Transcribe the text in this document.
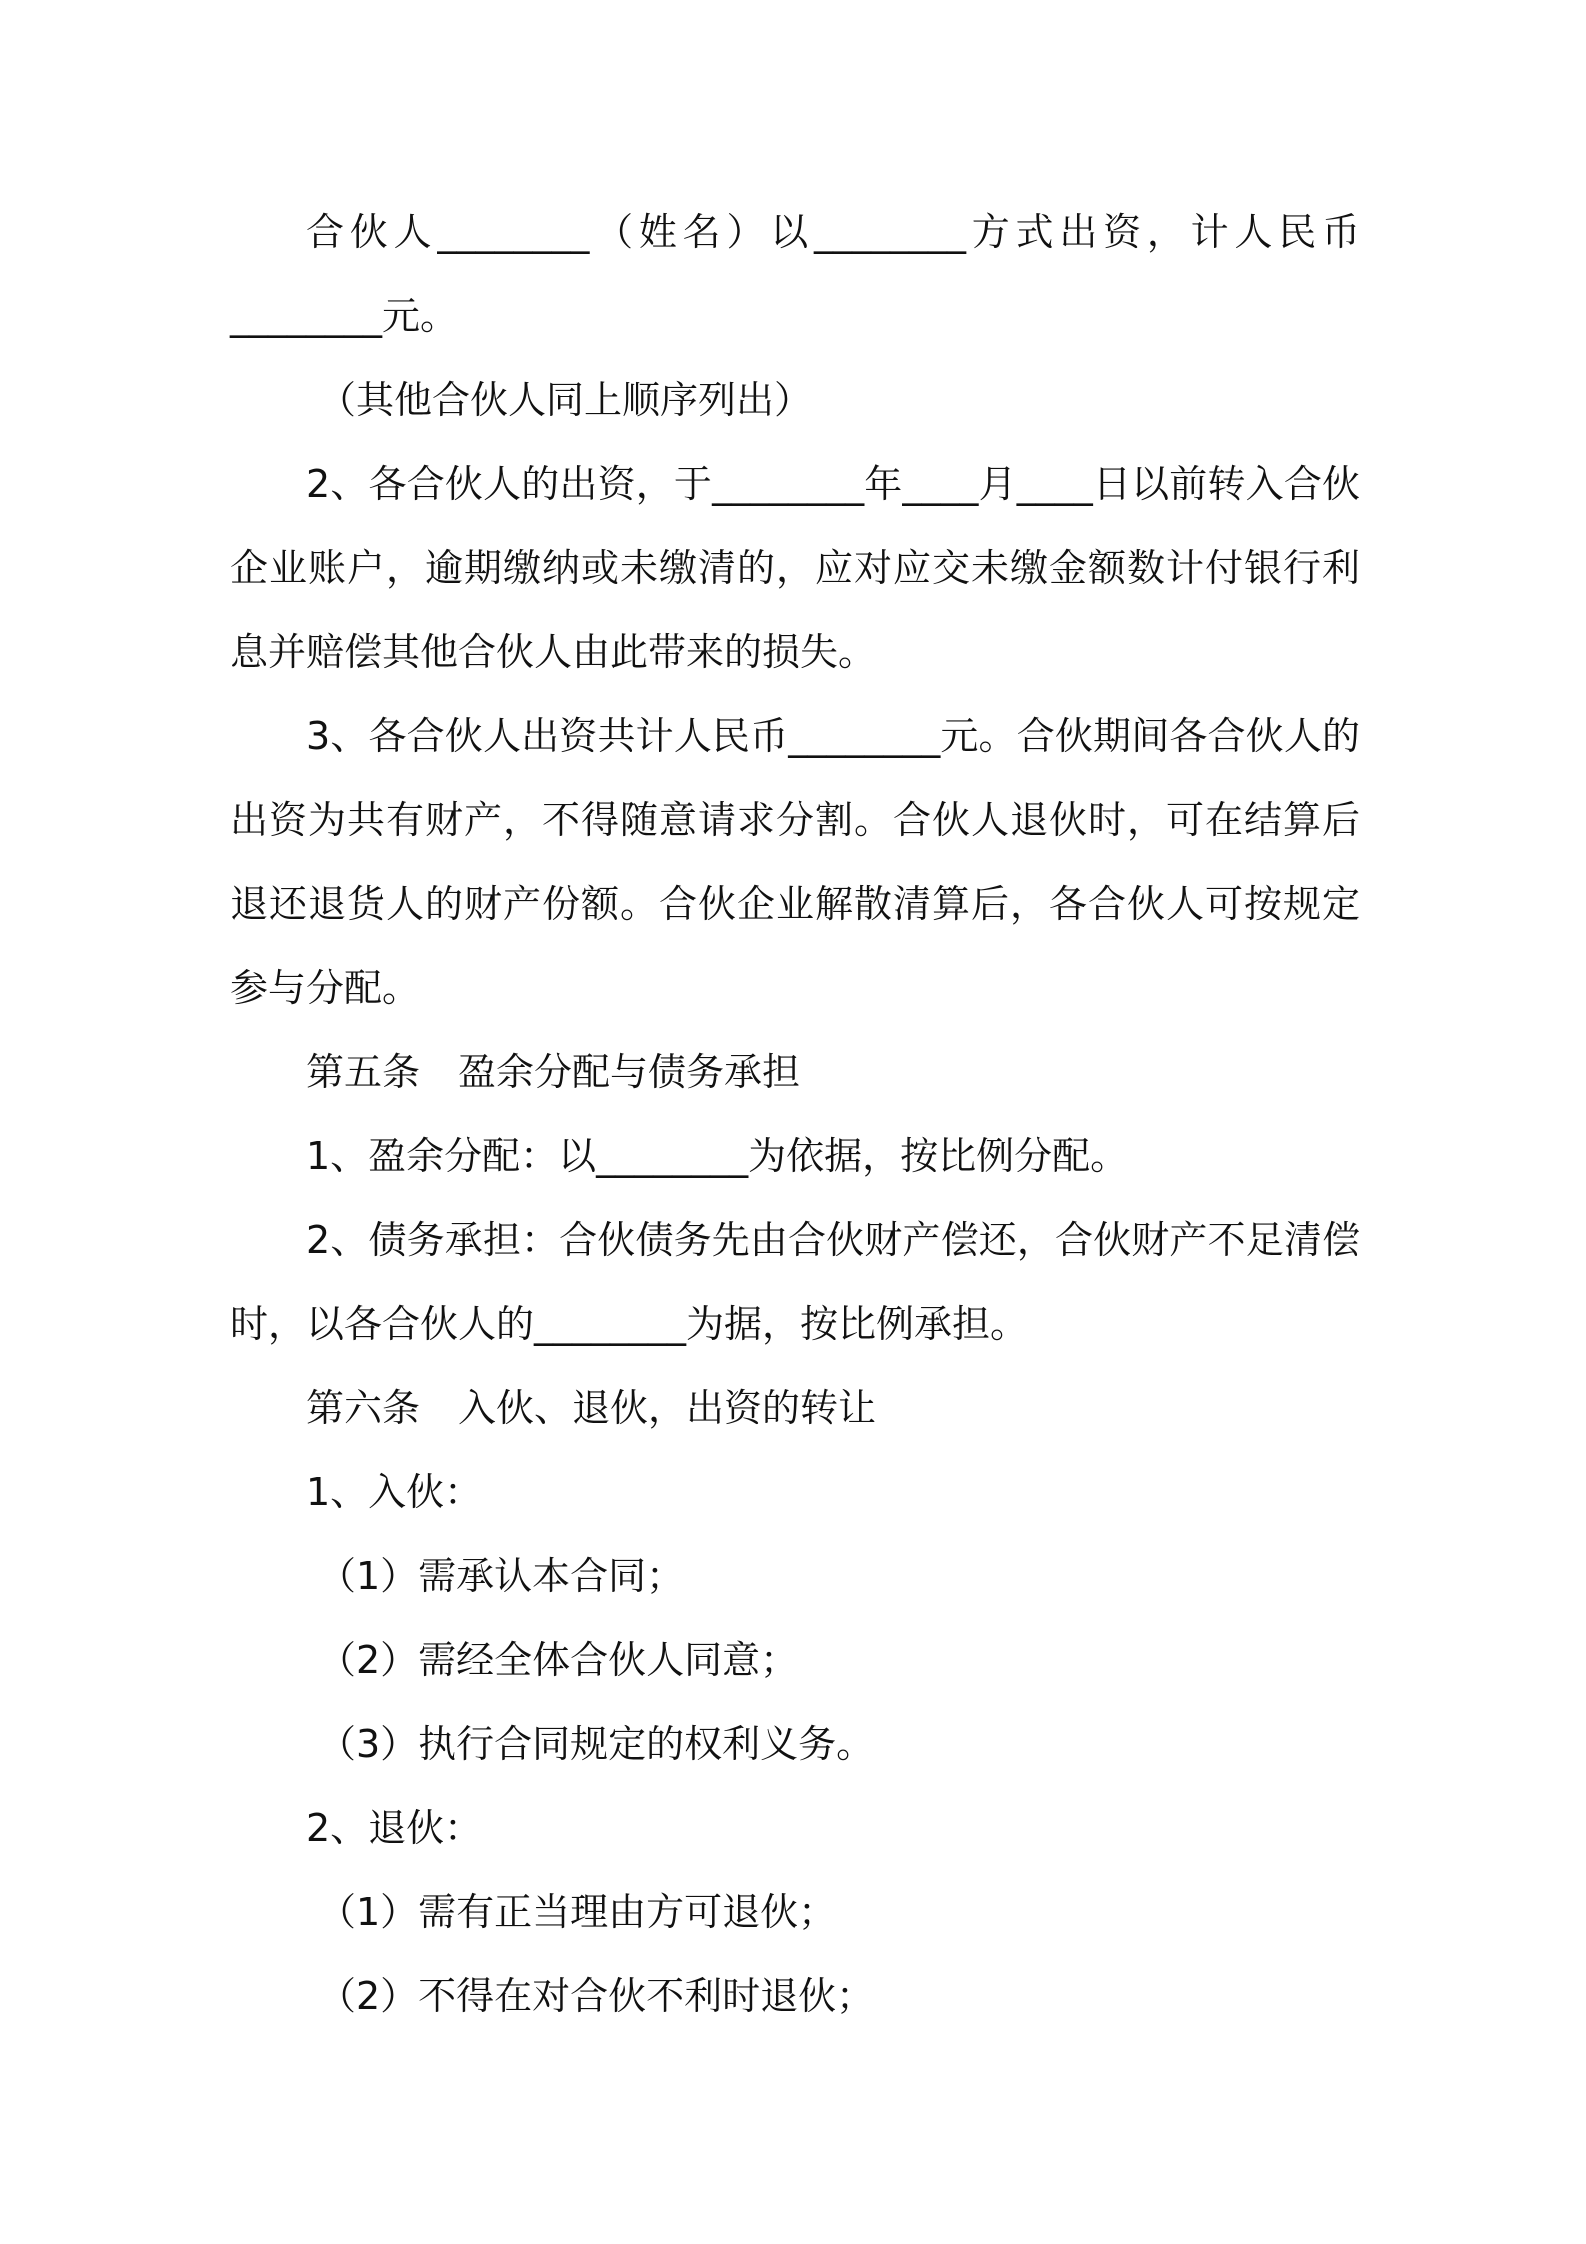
合伙人________（姓名）以________方式出资，计人民币________元。

（其他合伙人同上顺序列出）

2、各合伙人的出资，于________年____月____日以前转入合伙企业账户，逾期缴纳或未缴清的，应对应交未缴金额数计付银行利息并赔偿其他合伙人由此带来的损失。

3、各合伙人出资共计人民币________元。合伙期间各合伙人的出资为共有财产，不得随意请求分割。合伙人退伙时，可在结算后退还退货人的财产份额。合伙企业解散清算后，各合伙人可按规定参与分配。

第五条　盈余分配与债务承担

1、盈余分配：以________为依据，按比例分配。

2、债务承担：合伙债务先由合伙财产偿还，合伙财产不足清偿时，以各合伙人的________为据，按比例承担。

第六条　入伙、退伙，出资的转让

1、入伙：

（1）需承认本合同；

（2）需经全体合伙人同意；

（3）执行合同规定的权利义务。

2、退伙：

（1）需有正当理由方可退伙；

（2）不得在对合伙不利时退伙；
